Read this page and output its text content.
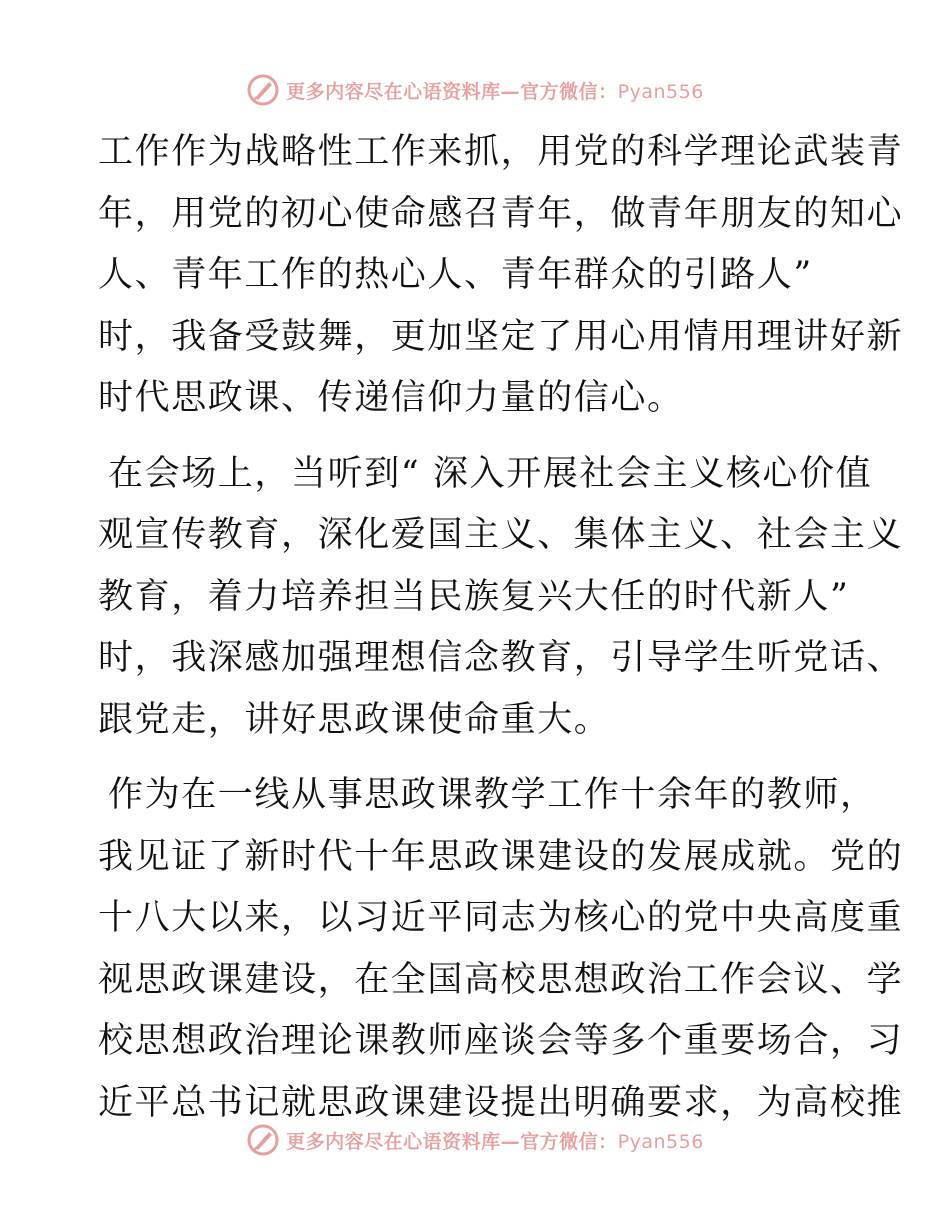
更多内容尽在心语资料库—官方微信：Pyan556

工作作为战略性工作来抓，用党的科学理论武装青
年，用党的初心使命感召青年，做青年朋友的知心
人、青年工作的热心人、青年群众的引路人”
时，我备受鼓舞，更加坚定了用心用情用理讲好新
时代思政课、传递信仰力量的信心。

在会场上，当听到“ 深入开展社会主义核心价值
观宣传教育，深化爱国主义、集体主义、社会主义
教育，着力培养担当民族复兴大任的时代新人”
时，我深感加强理想信念教育，引导学生听党话、
跟党走，讲好思政课使命重大。

作为在一线从事思政课教学工作十余年的教师，
我见证了新时代十年思政课建设的发展成就。党的
十八大以来，以习近平同志为核心的党中央高度重
视思政课建设，在全国高校思想政治工作会议、学
校思想政治理论课教师座谈会等多个重要场合，习
近平总书记就思政课建设提出明确要求，为高校推

更多内容尽在心语资料库—官方微信：Pyan556
